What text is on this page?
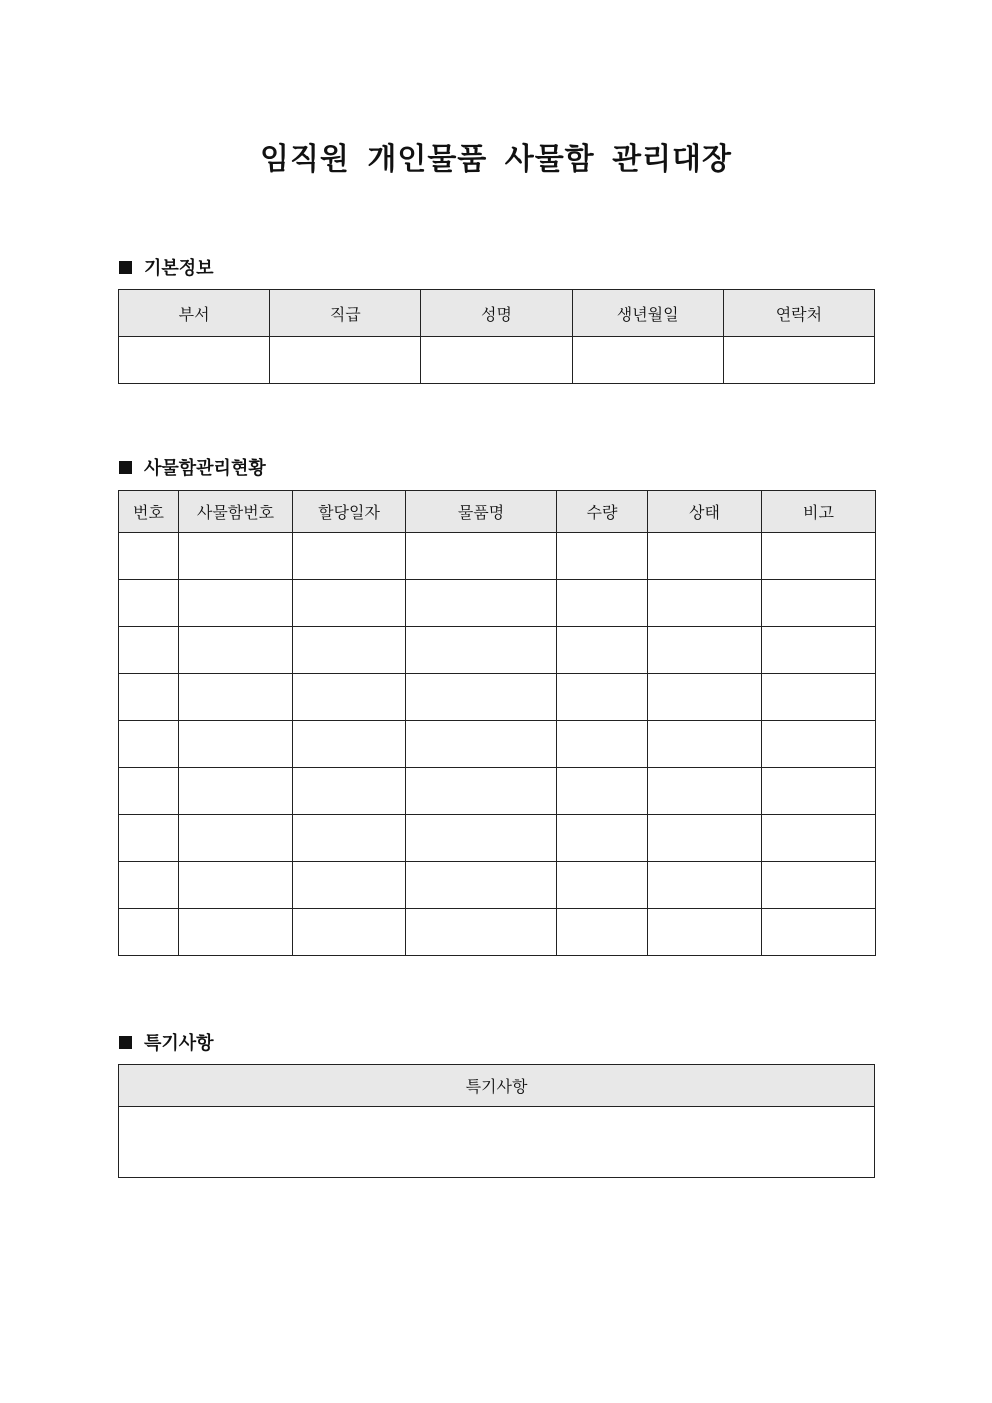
임직원 개인물품 사물함 관리대장
기본정보
부서	직급	성명	생년월일	연락처

사물함관리현황
번호	사물함번호	할당일자	물품명	수량	상태	비고

특기사항
특기사항
